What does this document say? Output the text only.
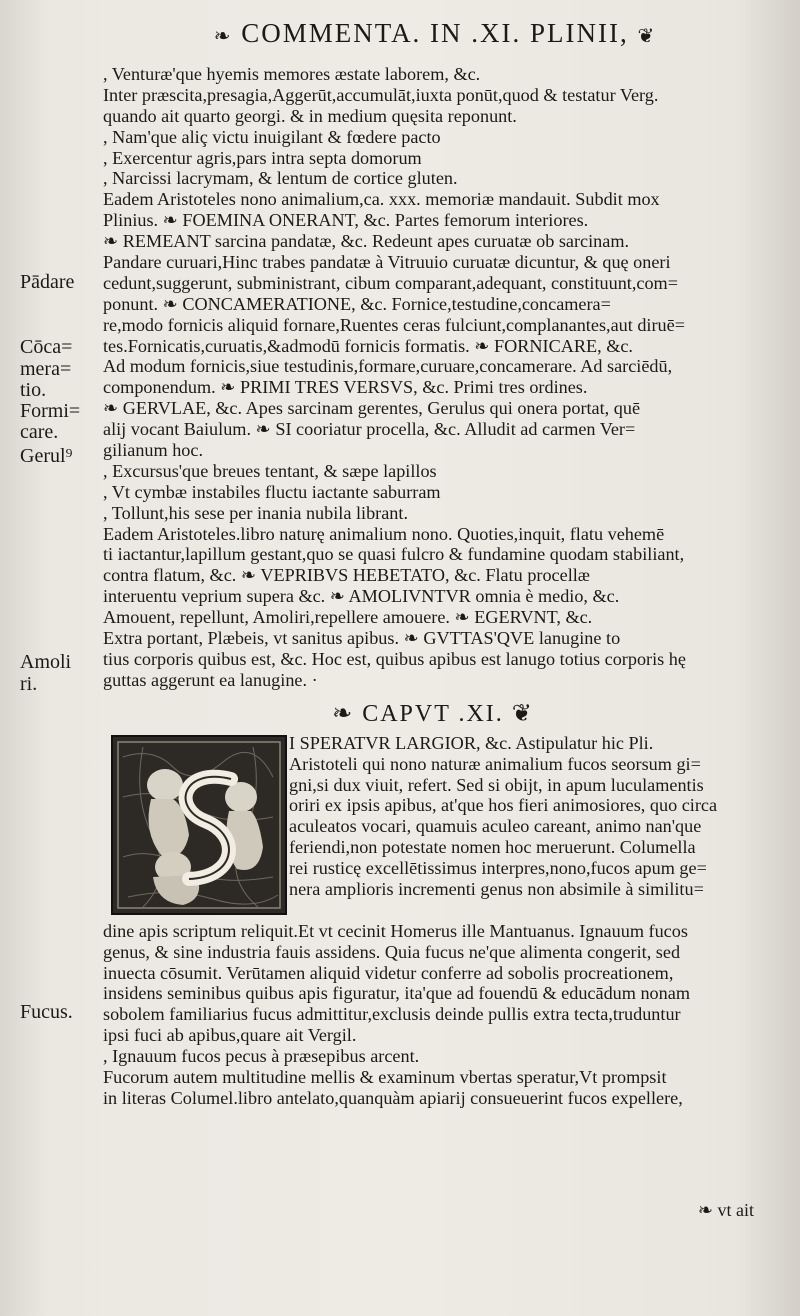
❧ COMMENTA. IN .XI. PLINII, ❦
Pādare
Cōca=
mera=
tio.
Formi=
care.
Gerul⁹
Amoli
ri.
Fucus.
, Venturæ'que hyemis memores æstate laborem, &c.
Inter præscita,presagia,Aggerūt,accumulāt,iuxta ponūt,quod & testatur Verg.
quando ait quarto georgi. & in medium quęsita reponunt.
, Nam'que aliç victu inuigilant & fœdere pacto
, Exercentur agris,pars intra septa domorum
, Narcissi lacrymam, & lentum de cortice gluten.
Eadem Aristoteles nono animalium,ca. xxx. memoriæ mandauit. Subdit mox
Plinius. ❧ FOEMINA ONERANT, &c. Partes femorum interiores.
❧ REMEANT sarcina pandatæ, &c. Redeunt apes curuatæ ob sarcinam.
Pandare curuari,Hinc trabes pandatæ à Vitruuio curuatæ dicuntur, & quę oneri
cedunt,suggerunt, subministrant, cibum comparant,adequant, constituunt,com=
ponunt. ❧ CONCAMERATIONE, &c. Fornice,testudine,concamera=
re,modo fornicis aliquid fornare,Ruentes ceras fulciunt,complanantes,aut diruē=
tes.Fornicatis,curuatis,&admodū fornicis formatis. ❧ FORNICARE, &c.
Ad modum fornicis,siue testudinis,formare,curuare,concamerare. Ad sarciēdū,
componendum. ❧ PRIMI TRES VERSVS, &c. Primi tres ordines.
❧ GERVLAE, &c. Apes sarcinam gerentes, Gerulus qui onera portat, quē
alij vocant Baiulum. ❧ SI cooriatur procella, &c. Alludit ad carmen Ver=
gilianum hoc.
, Excursus'que breues tentant, & sæpe lapillos
, Vt cymbæ instabiles fluctu iactante saburram
, Tollunt,his sese per inania nubila librant.
Eadem Aristoteles.libro naturę animalium nono. Quoties,inquit, flatu vehemē
ti iactantur,lapillum gestant,quo se quasi fulcro & fundamine quodam stabiliant,
contra flatum, &c. ❧ VEPRIBVS HEBETATO, &c. Flatu procellæ
interuentu veprium supera &c. ❧ AMOLIVNTVR omnia è medio, &c.
Amouent, repellunt, Amoliri,repellere amouere. ❧ EGERVNT, &c.
Extra portant, Plæbeis, vt sanitus apibus. ❧ GVTTAS'QVE lanugine to
tius corporis quibus est, &c. Hoc est, quibus apibus est lanugo totius corporis hę
guttas aggerunt ea lanugine. ·
❧ CAPVT .XI. ❦
I SPERATVR LARGIOR, &c. Astipulatur hic Pli.
Aristoteli qui nono naturæ animalium fucos seorsum gi=
gni,si dux viuit, refert. Sed si obijt, in apum luculamentis
oriri ex ipsis apibus, at'que hos fieri animosiores, quo circa
aculeatos vocari, quamuis aculeo careant, animo nan'que
feriendi,non potestate nomen hoc meruerunt. Columella
rei rusticę excellētissimus interpres,nono,fucos apum ge=
nera amplioris incrementi genus non absimile à similitu=
dine apis scriptum reliquit.Et vt cecinit Homerus ille Mantuanus. Ignauum fucos
genus, & sine industria fauis assidens. Quia fucus ne'que alimenta congerit, sed
inuecta cōsumit. Verūtamen aliquid videtur conferre ad sobolis procreationem,
insidens seminibus quibus apis figuratur, ita'que ad fouendū & educādum nonam
sobolem familiarius fucus admittitur,exclusis deinde pullis extra tecta,truduntur
ipsi fuci ab apibus,quare ait Vergil.
, Ignauum fucos pecus à præsepibus arcent.
Fucorum autem multitudine mellis & examinum vbertas speratur,Vt prompsit
in literas Columel.libro antelato,quanquàm apiarij consueuerint fucos expellere,
❧ vt ait
